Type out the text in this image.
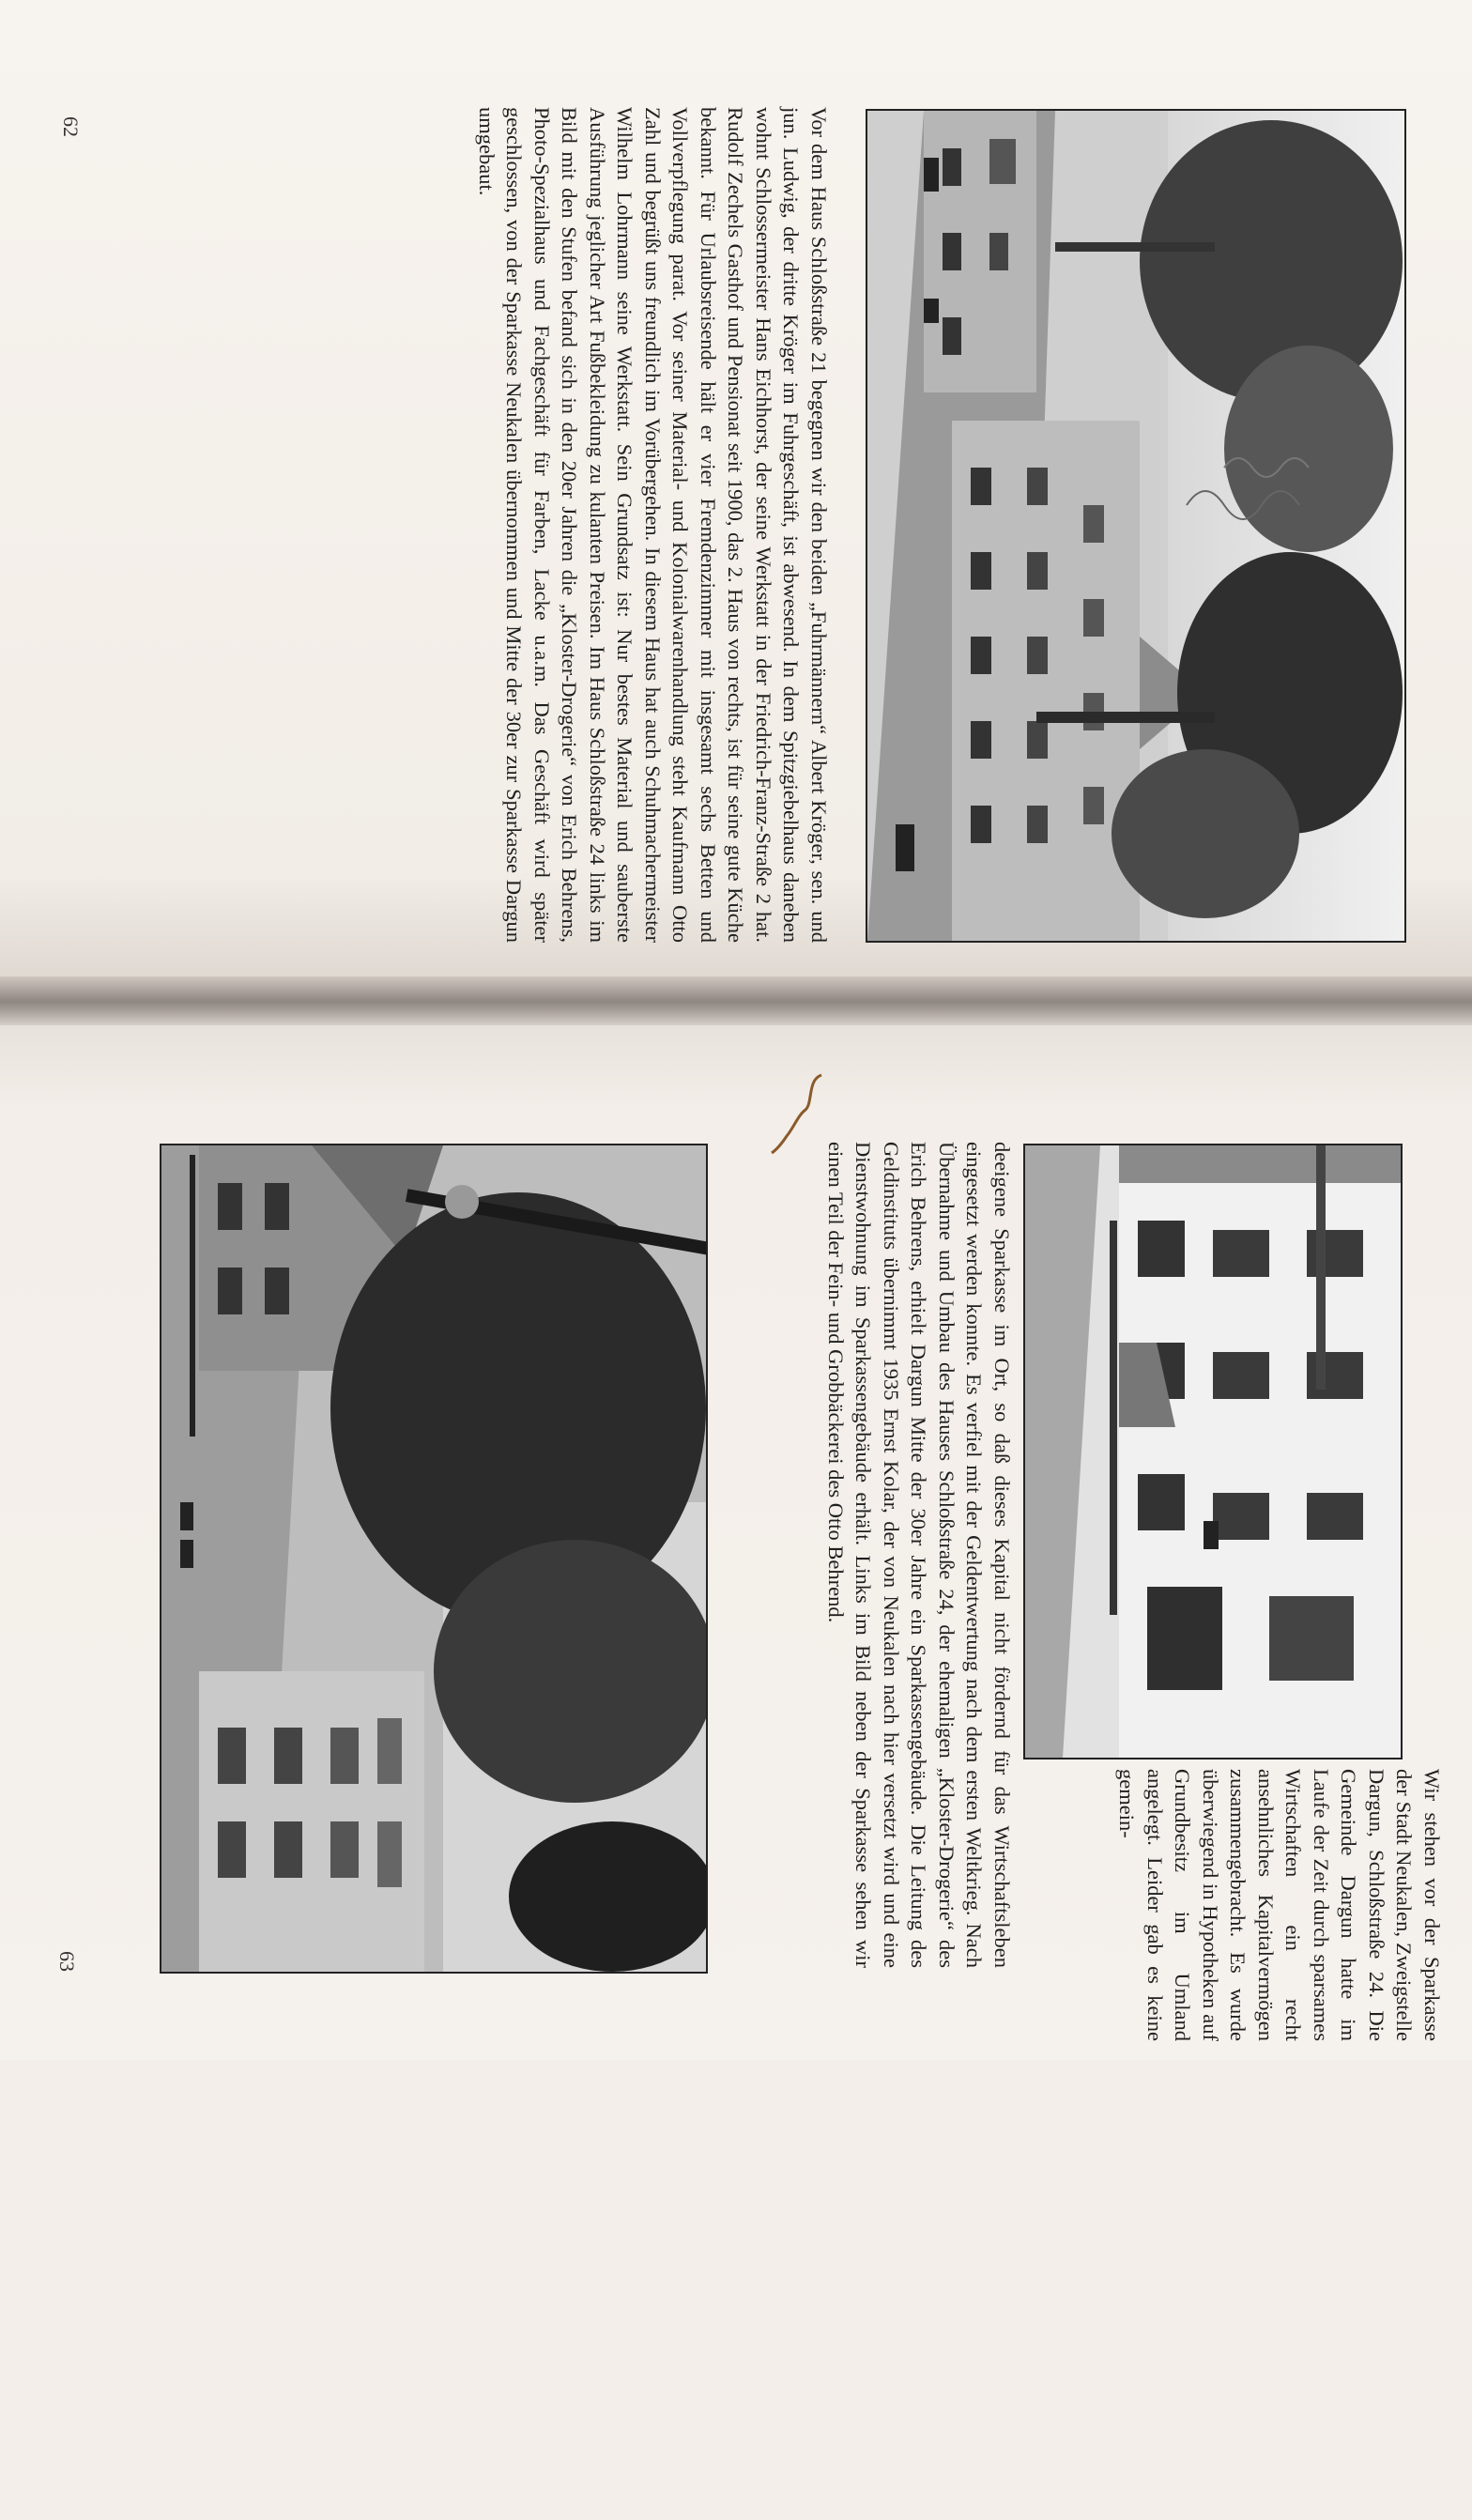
62	Vor dem Haus Schloßstraße 21 begegnen wir den beiden „Fuhrmännern“ Albert Kröger, sen. und jun. Ludwig, der dritte Kröger im Fuhrgeschäft, ist abwesend. In dem Spitzgiebelhaus daneben wohnt Schlossermeister Hans Eichhorst, der seine Werkstatt in der Friedrich-Franz-Straße 2 hat. Rudolf Zechels Gasthof und Pensionat seit 1900, das 2. Haus von rechts, ist für seine gute Küche bekannt. Für Urlaubsreisende hält er vier Fremdenzimmer mit insgesamt sechs Betten und Vollverpflegung parat. Vor seiner Material- und Kolonialwarenhandlung steht Kaufmann Otto Zahl und begrüßt uns freundlich im Vorübergehen. In diesem Haus hat auch Schuhmachermeister Wilhelm Lohrmann seine Werkstatt. Sein Grundsatz ist: Nur bestes Material und sauberste Ausführung jeglicher Art Fußbekleidung zu kulanten Preisen. Im Haus Schloßstraße 24 links im Bild mit den Stufen befand sich in den 20er Jahren die „Kloster-Drogerie“ von Erich Behrens, Photo-Spezialhaus und Fachgeschäft für Farben, Lacke u.a.m. Das Geschäft wird später geschlossen, von der Sparkasse Neukalen übernommen und Mitte der 30er zur Sparkasse Dargun umgebaut.

63	deeigene Sparkasse im Ort, so daß dieses Kapital nicht fördernd für das Wirtschaftsleben eingesetzt werden konnte. Es verfiel mit der Geldentwertung nach dem ersten Weltkrieg. Nach Übernahme und Umbau des Hauses Schloßstraße 24, der ehemaligen „Kloster-Drogerie“ des Erich Behrens, erhielt Dargun Mitte der 30er Jahre ein Sparkassengebäude. Die Leitung des Geldinstituts übernimmt 1935 Ernst Kolar, der von Neukalen nach hier versetzt wird und eine Dienstwohnung im Sparkassengebäude erhält. Links im Bild neben der Sparkasse sehen wir einen Teil der Fein- und Grobbäckerei des Otto Behrend.

Wir stehen vor der Sparkasse der Stadt Neukalen, Zweigstelle Dargun, Schloßstraße 24. Die Gemeinde Dargun hatte im Laufe der Zeit durch sparsames Wirtschaften ein recht ansehnliches Kapitalvermögen zusammengebracht. Es wurde überwiegend in Hypotheken auf Grundbesitz im Umland angelegt. Leider gab es keine gemein-
